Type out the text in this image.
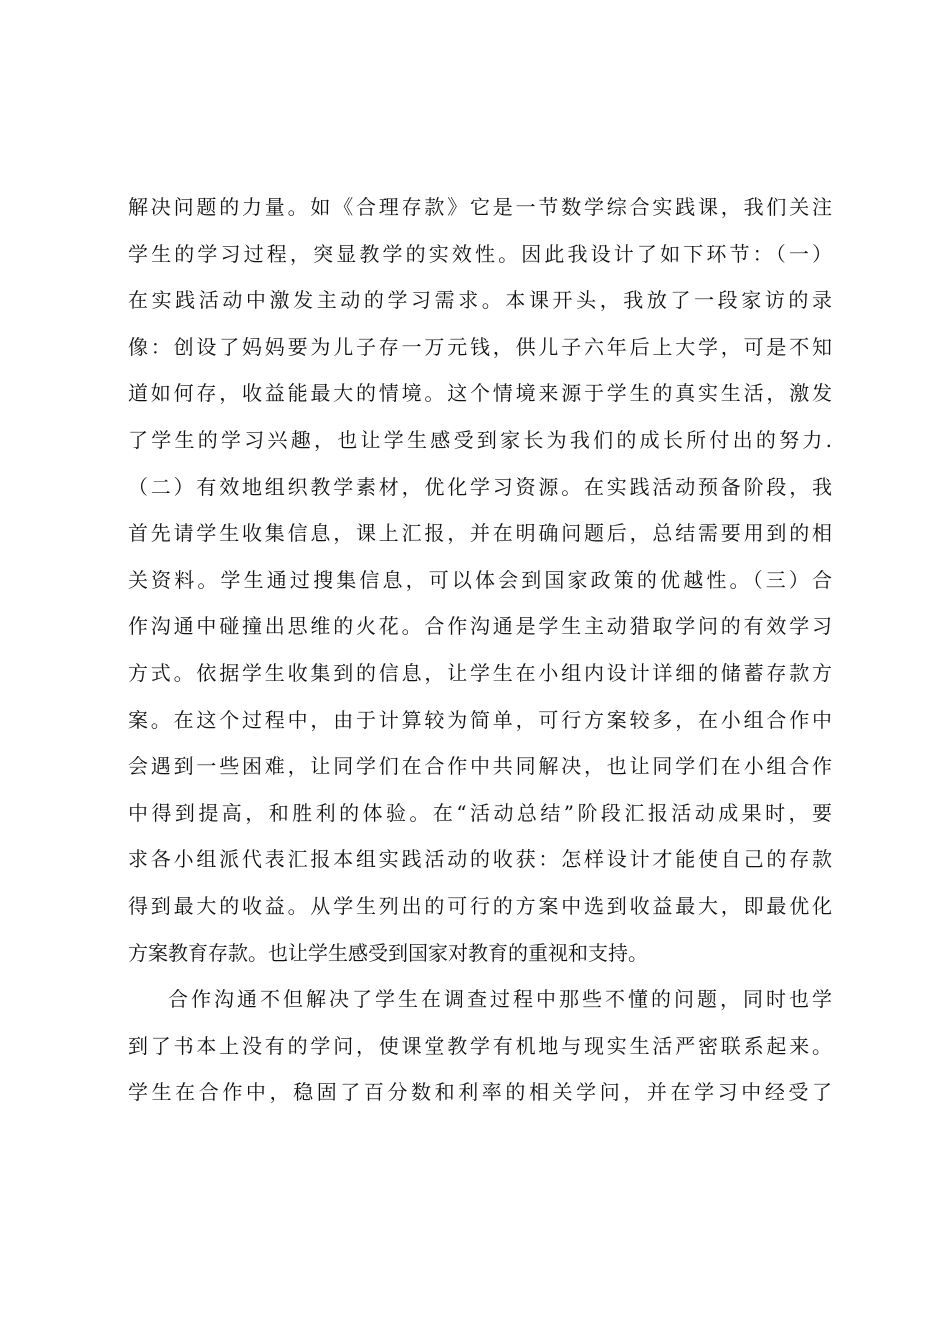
解决问题的力量。如《合理存款》它是一节数学综合实践课，我们关注
学生的学习过程，突显教学的实效性。因此我设计了如下环节：（一）
在实践活动中激发主动的学习需求。本课开头，我放了一段家访的录
像：创设了妈妈要为儿子存一万元钱，供儿子六年后上大学，可是不知
道如何存，收益能最大的情境。这个情境来源于学生的真实生活，激发
了学生的学习兴趣，也让学生感受到家长为我们的成长所付出的努力.
（二）有效地组织教学素材，优化学习资源。在实践活动预备阶段，我
首先请学生收集信息，课上汇报，并在明确问题后，总结需要用到的相
关资料。学生通过搜集信息，可以体会到国家政策的优越性。（三）合
作沟通中碰撞出思维的火花。合作沟通是学生主动猎取学问的有效学习
方式。依据学生收集到的信息，让学生在小组内设计详细的储蓄存款方
案。在这个过程中，由于计算较为简单，可行方案较多，在小组合作中
会遇到一些困难，让同学们在合作中共同解决，也让同学们在小组合作
中得到提高，和胜利的体验。在“活动总结”阶段汇报活动成果时，要
求各小组派代表汇报本组实践活动的收获：怎样设计才能使自己的存款
得到最大的收益。从学生列出的可行的方案中选到收益最大，即最优化
方案教育存款。也让学生感受到国家对教育的重视和支持。
合作沟通不但解决了学生在调查过程中那些不懂的问题，同时也学
到了书本上没有的学问，使课堂教学有机地与现实生活严密联系起来。
学生在合作中，稳固了百分数和利率的相关学问，并在学习中经受了
